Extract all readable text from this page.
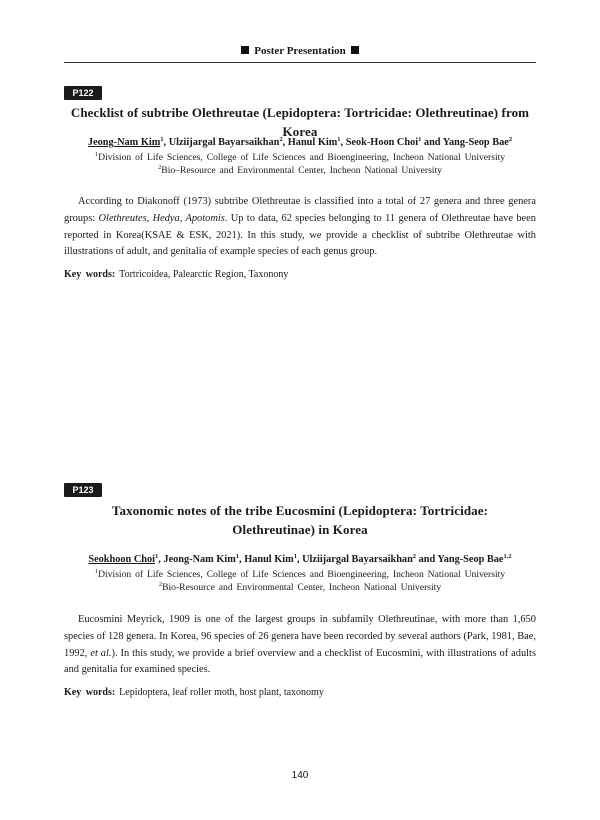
Poster Presentation
P122
Checklist of subtribe Olethreutae (Lepidoptera: Tortricidae: Olethreutinae) from Korea
Jeong-Nam Kim$^1$, Ulziijargal Bayarsaikhan$^2$, Hanul Kim$^1$, Seok-Hoon Choi$^1$ and Yang-Seop Bae$^2$
$^1$Division of Life Sciences, College of Life Sciences and Bioengineering, Incheon National University
$^2$Bio–Resource and Environmental Center, Incheon National University
According to Diakonoff (1973) subtribe Olethreutae is classified into a total of 27 genera and three genera groups: Olethreutes, Hedya, Apotomis. Up to data, 62 species belonging to 11 genera of Olethreutae have been reported in Korea(KSAE & ESK, 2021). In this study, we provide a checklist of subtribe Olethreutae with illustrations of adult, and genitalia of example species of each genus group.
Key words: Tortricoidea, Palearctic Region, Taxonony
P123
Taxonomic notes of the tribe Eucosmini (Lepidoptera: Tortricidae: Olethreutinae) in Korea
Seokhoon Choi$^1$, Jeong-Nam Kim$^1$, Hanul Kim$^1$, Ulziijargal Bayarsaikhan$^2$ and Yang-Seop Bae$^{1,2}$
$^1$Division of Life Sciences, College of Life Sciences and Bioengineering, Incheon National University
$^2$Bio-Resource and Environmental Center, Incheon National University
Eucosmini Meyrick, 1909 is one of the largest groups in subfamily Olethreutinae, with more than 1,650 species of 128 genera. In Korea, 96 species of 26 genera have been recorded by several authors (Park, 1981, Bae, 1992, et al.). In this study, we provide a brief overview and a checklist of Eucosmini, with illustrations of adults and genitalia for examined species.
Key words: Lepidoptera, leaf roller moth, host plant, taxonomy
140
